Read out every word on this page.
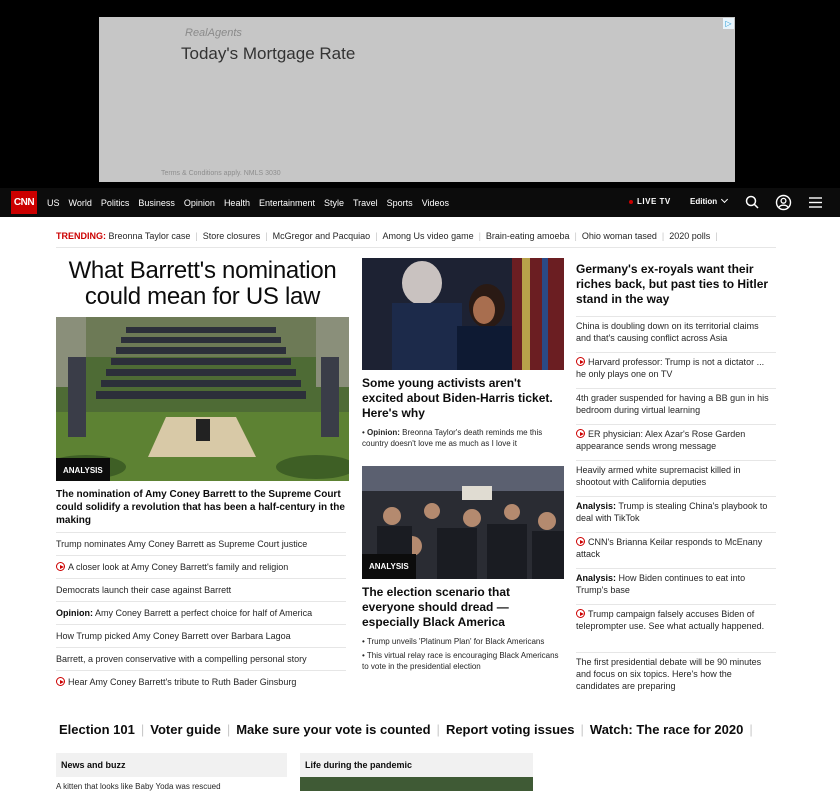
RealAgents
Today's Mortgage Rate
Terms & Conditions apply. NMLS 3030
▷
CNN	US World Politics Business Opinion Health Entertainment Style Travel Sports Videos	LIVE TV Edition
TRENDING: Breonna Taylor case | Store closures | McGregor and Pacquiao | Among Us video game | Brain-eating amoeba | Ohio woman tased | 2020 polls |
What Barrett's nomination could mean for US law
ANALYSIS
The nomination of Amy Coney Barrett to the Supreme Court could solidify a revolution that has been a half-century in the making
Trump nominates Amy Coney Barrett as Supreme Court justice
A closer look at Amy Coney Barrett's family and religion
Democrats launch their case against Barrett
Opinion: Amy Coney Barrett a perfect choice for half of America
How Trump picked Amy Coney Barrett over Barbara Lagoa
Barrett, a proven conservative with a compelling personal story
Hear Amy Coney Barrett's tribute to Ruth Bader Ginsburg
Some young activists aren't excited about Biden-Harris ticket. Here's why
• Opinion: Breonna Taylor's death reminds me this country doesn't love me as much as I love it
ANALYSIS
The election scenario that everyone should dread — especially Black America
• Trump unveils 'Platinum Plan' for Black Americans
• This virtual relay race is encouraging Black Americans to vote in the presidential election
Germany's ex-royals want their riches back, but past ties to Hitler stand in the way
China is doubling down on its territorial claims and that's causing conflict across Asia
Harvard professor: Trump is not a dictator ... he only plays one on TV
4th grader suspended for having a BB gun in his bedroom during virtual learning
ER physician: Alex Azar's Rose Garden appearance sends wrong message
Heavily armed white supremacist killed in shootout with California deputies
Analysis: Trump is stealing China's playbook to deal with TikTok
CNN's Brianna Keilar responds to McEnany attack
Analysis: How Biden continues to eat into Trump's base
Trump campaign falsely accuses Biden of teleprompter use. See what actually happened.
The first presidential debate will be 90 minutes and focus on six topics. Here's how the candidates are preparing
Election 101 | Voter guide | Make sure your vote is counted | Report voting issues | Watch: The race for 2020 |
News and buzz
A kitten that looks like Baby Yoda was rescued
Life during the pandemic
